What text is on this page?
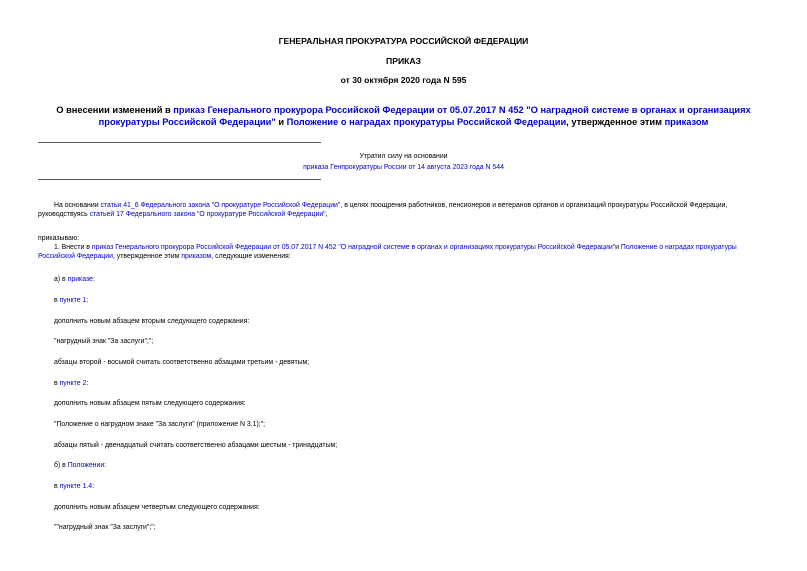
ГЕНЕРАЛЬНАЯ ПРОКУРАТУРА РОССИЙСКОЙ ФЕДЕРАЦИИ
ПРИКАЗ
от 30 октября 2020 года N 595
О внесении изменений в приказ Генерального прокурора Российской Федерации от 05.07.2017 N 452 "О наградной системе в органах и организациях прокуратуры Российской Федерации" и Положение о наградах прокуратуры Российской Федерации, утвержденное этим приказом
Утратил силу на основании
приказа Генпрокуратуры России от 14 августа 2023 года N 544
На основании статьи 41_6 Федерального закона "О прокуратуре Российской Федерации", в целях поощрения работников, пенсионеров и ветеранов органов и организаций прокуратуры Российской Федерации, руководствуясь статьей 17 Федерального закона "О прокуратуре Российской Федерации",
приказываю:
1. Внести в приказ Генерального прокурора Российской Федерации от 05.07.2017 N 452 "О наградной системе в органах и организациях прокуратуры Российской Федерации"и Положение о наградах прокуратуры Российской Федерации, утвержденное этим приказом, следующие изменения:
а) в приказе:
в пункте 1:
дополнить новым абзацем вторым следующего содержания:
"нагрудный знак "За заслуги";";
абзацы второй - восьмой считать соответственно абзацами третьим - девятым;
в пункте 2:
дополнить новым абзацем пятым следующего содержания:
"Положение о нагрудном знаке "За заслуги" (приложение N 3.1);";
абзацы пятый - двенадцатый считать соответственно абзацами шестым - тринадцатым;
б) в Положении:
в пункте 1.4:
дополнить новым абзацем четвертым следующего содержания:
""нагрудный знак "За заслуги";";
